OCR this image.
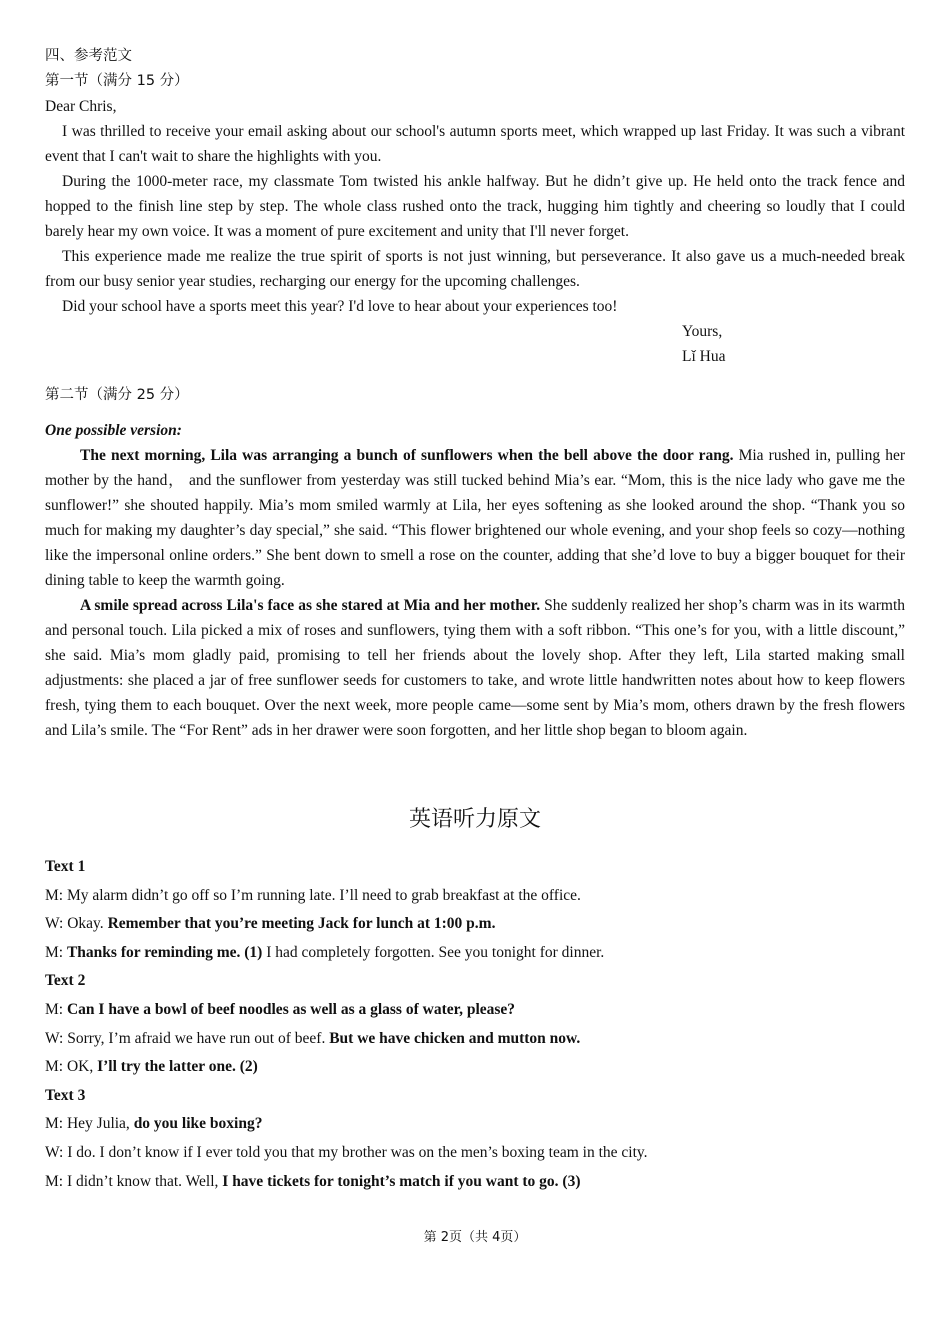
四、参考范文

第一节（满分 15 分）

Dear Chris,

I was thrilled to receive your email asking about our school's autumn sports meet, which wrapped up last Friday. It was such a vibrant event that I can't wait to share the highlights with you.

During the 1000-meter race, my classmate Tom twisted his ankle halfway. But he didn’t give up. He held onto the track fence and hopped to the finish line step by step. The whole class rushed onto the track, hugging him tightly and cheering so loudly that I could barely hear my own voice. It was a moment of pure excitement and unity that I'll never forget.

This experience made me realize the true spirit of sports is not just winning, but perseverance. It also gave us a much-needed break from our busy senior year studies, recharging our energy for the upcoming challenges.

Did your school have a sports meet this year? I'd love to hear about your experiences too!

Yours,
Lǐ Hua

第二节（满分 25 分）

One possible version:

The next morning, Lila was arranging a bunch of sunflowers when the bell above the door rang. Mia rushed in, pulling her mother by the hand， and the sunflower from yesterday was still tucked behind Mia’s ear. “Mom, this is the nice lady who gave me the sunflower!” she shouted happily. Mia’s mom smiled warmly at Lila, her eyes softening as she looked around the shop. “Thank you so much for making my daughter’s day special,” she said. “This flower brightened our whole evening, and your shop feels so cozy—nothing like the impersonal online orders.” She bent down to smell a rose on the counter, adding that she’d love to buy a bigger bouquet for their dining table to keep the warmth going.

A smile spread across Lila's face as she stared at Mia and her mother. She suddenly realized her shop’s charm was in its warmth and personal touch. Lila picked a mix of roses and sunflowers, tying them with a soft ribbon. “This one’s for you, with a little discount,” she said. Mia’s mom gladly paid, promising to tell her friends about the lovely shop. After they left, Lila started making small adjustments: she placed a jar of free sunflower seeds for customers to take, and wrote little handwritten notes about how to keep flowers fresh, tying them to each bouquet. Over the next week, more people came—some sent by Mia’s mom, others drawn by the fresh flowers and Lila’s smile. The “For Rent” ads in her drawer were soon forgotten, and her little shop began to bloom again.

英语听力原文
Text 1
M: My alarm didn’t go off so I’m running late. I’ll need to grab breakfast at the office.
W: Okay. Remember that you’re meeting Jack for lunch at 1:00 p.m.
M: Thanks for reminding me. (1) I had completely forgotten. See you tonight for dinner.
Text 2
M: Can I have a bowl of beef noodles as well as a glass of water, please?
W: Sorry, I’m afraid we have run out of beef. But we have chicken and mutton now.
M: OK, I’ll try the latter one. (2)
Text 3
M: Hey Julia, do you like boxing?
W: I do. I don’t know if I ever told you that my brother was on the men’s boxing team in the city.
M: I didn’t know that. Well, I have tickets for tonight’s match if you want to go. (3)
第 2页（共 4页）
